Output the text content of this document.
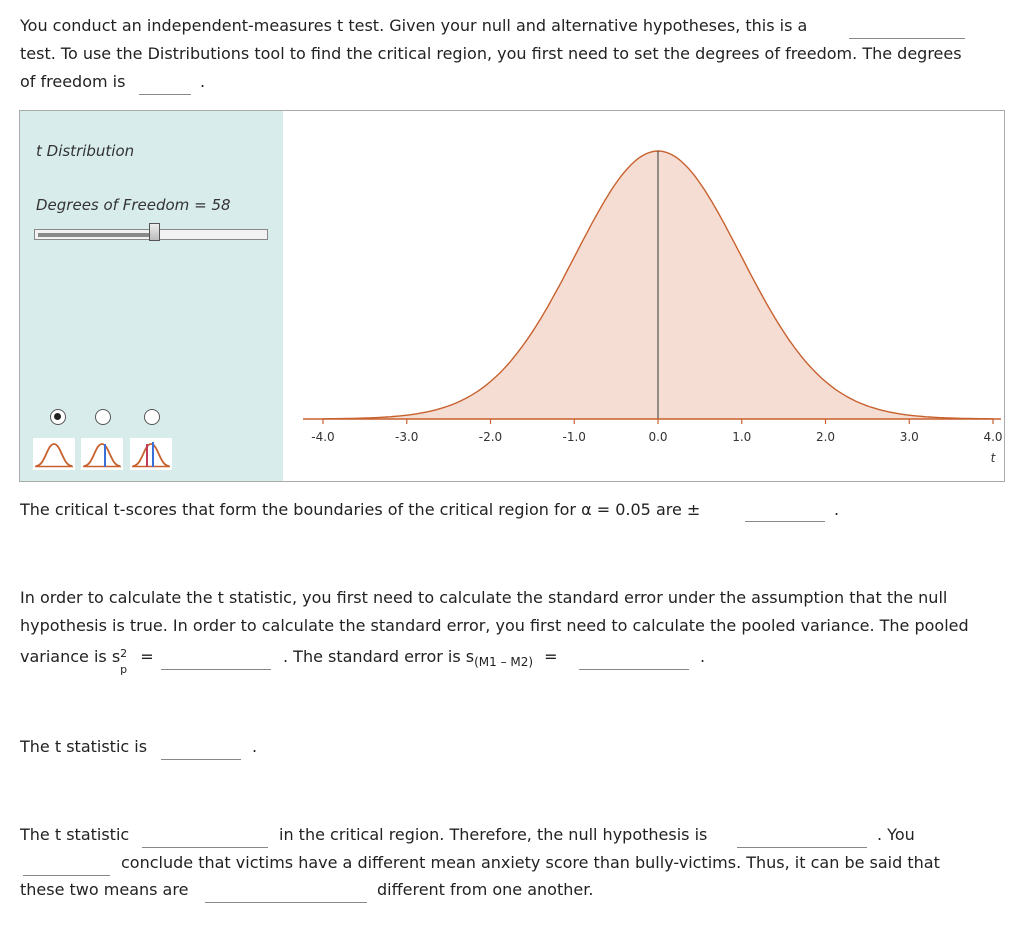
You conduct an independent-measures t test. Given your null and alternative hypotheses, this is a
test. To use the Distributions tool to find the critical region, you first need to set the degrees of freedom. The degrees
of freedom is	.
t Distribution
Degrees of Freedom = 58
-4.0	-3.0	-2.0	-1.0	0.0	1.0	2.0	3.0	4.0
t
The critical t-scores that form the boundaries of the critical region for α = 0.05 are ±	.
In order to calculate the t statistic, you first need to calculate the standard error under the assumption that the null
hypothesis is true. In order to calculate the standard error, you first need to calculate the pooled variance. The pooled
variance is s 2
p
=	. The standard error is $s_{(M1 - M2)}$ =	.
The t statistic is	.
The t statistic	in the critical region. Therefore, the null hypothesis is	. You
conclude that victims have a different mean anxiety score than bully-victims. Thus, it can be said that
these two means are	different from one another.
